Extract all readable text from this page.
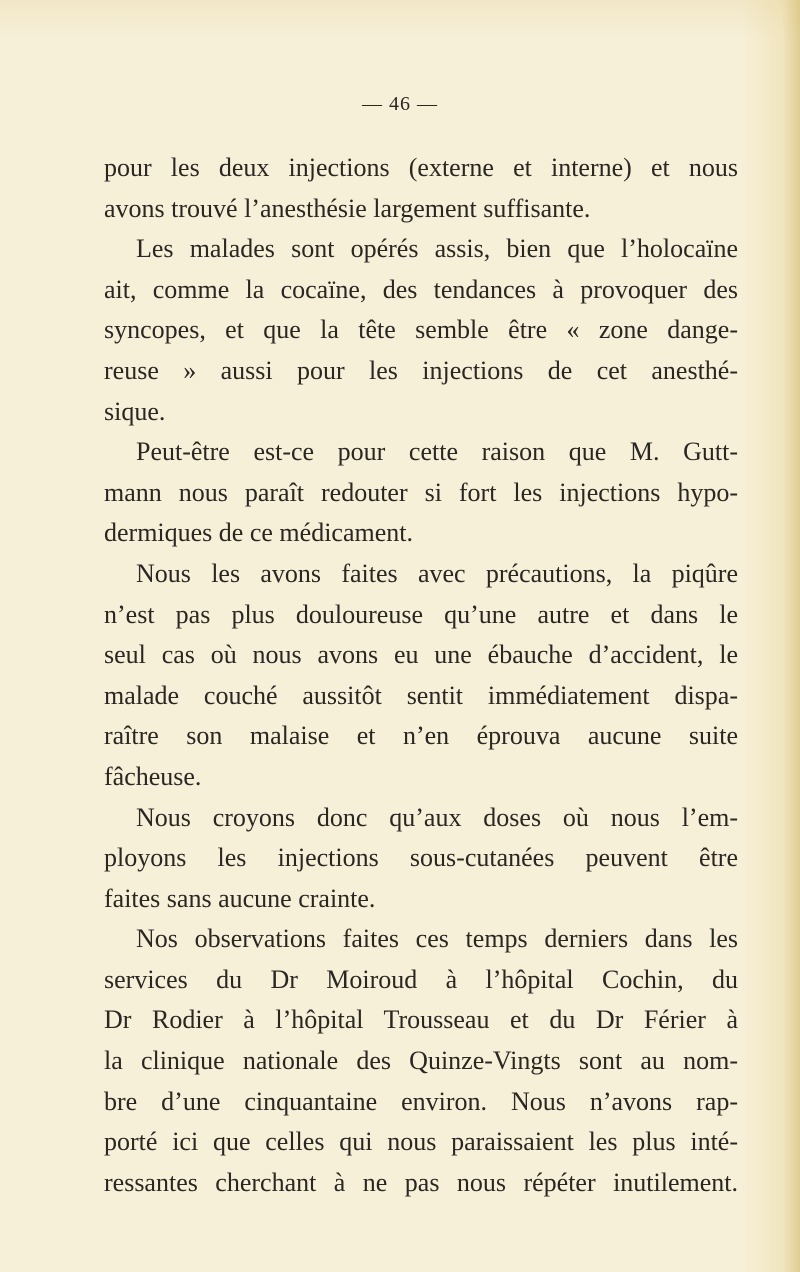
— 46 —
pour les deux injections (externe et interne) et nous
avons trouvé l’anesthésie largement suffisante.
Les malades sont opérés assis, bien que l’holocaïne
ait, comme la cocaïne, des tendances à provoquer des
syncopes, et que la tête semble être « zone dange-
reuse » aussi pour les injections de cet anesthé-
sique.
Peut-être est-ce pour cette raison que M. Gutt-
mann nous paraît redouter si fort les injections hypo-
dermiques de ce médicament.
Nous les avons faites avec précautions, la piqûre
n’est pas plus douloureuse qu’une autre et dans le
seul cas où nous avons eu une ébauche d’accident, le
malade couché aussitôt sentit immédiatement dispa-
raître son malaise et n’en éprouva aucune suite
fâcheuse.
Nous croyons donc qu’aux doses où nous l’em-
ployons les injections sous-cutanées peuvent être
faites sans aucune crainte.
Nos observations faites ces temps derniers dans les
services du Dr Moiroud à l’hôpital Cochin, du
Dr Rodier à l’hôpital Trousseau et du Dr Férier à
la clinique nationale des Quinze-Vingts sont au nom-
bre d’une cinquantaine environ. Nous n’avons rap-
porté ici que celles qui nous paraissaient les plus inté-
ressantes cherchant à ne pas nous répéter inutilement.
